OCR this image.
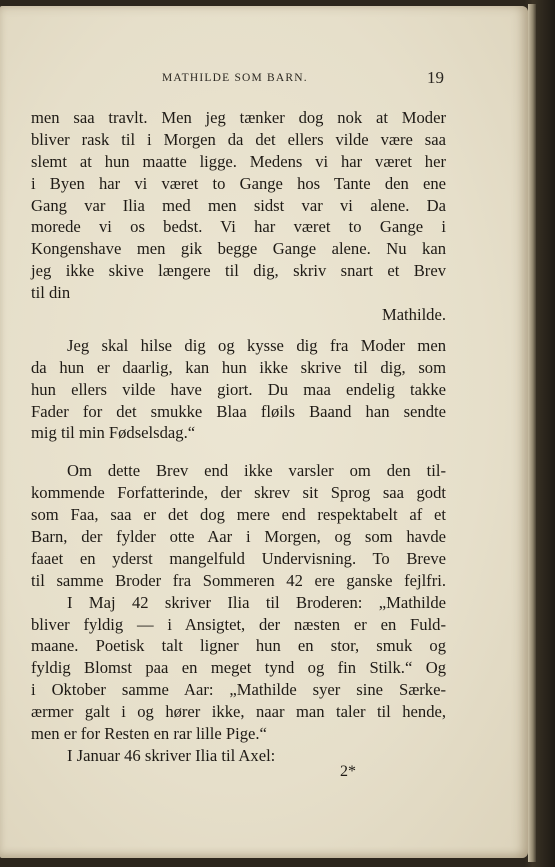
MATHILDE SOM BARN.	19
men saa travlt. Men jeg tænker dog nok at Moder
bliver rask til i Morgen da det ellers vilde være saa
slemt at hun maatte ligge. Medens vi har været her
i Byen har vi været to Gange hos Tante den ene
Gang var Ilia med men sidst var vi alene. Da
morede vi os bedst. Vi har været to Gange i
Kongenshave men gik begge Gange alene. Nu kan
jeg ikke skive længere til dig, skriv snart et Brev
til din
Mathilde.
Jeg skal hilse dig og kysse dig fra Moder men
da hun er daarlig, kan hun ikke skrive til dig, som
hun ellers vilde have giort. Du maa endelig takke
Fader for det smukke Blaa fløils Baand han sendte
mig til min Fødselsdag.“
Om dette Brev end ikke varsler om den til-
kommende Forfatterinde, der skrev sit Sprog saa godt
som Faa, saa er det dog mere end respektabelt af et
Barn, der fylder otte Aar i Morgen, og som havde
faaet en yderst mangelfuld Undervisning. To Breve
til samme Broder fra Sommeren 42 ere ganske fejlfri.
I Maj 42 skriver Ilia til Broderen: „Mathilde
bliver fyldig — i Ansigtet, der næsten er en Fuld-
maane. Poetisk talt ligner hun en stor, smuk og
fyldig Blomst paa en meget tynd og fin Stilk.“ Og
i Oktober samme Aar: „Mathilde syer sine Særke-
ærmer galt i og hører ikke, naar man taler til hende,
men er for Resten en rar lille Pige.“
I Januar 46 skriver Ilia til Axel:
2*
